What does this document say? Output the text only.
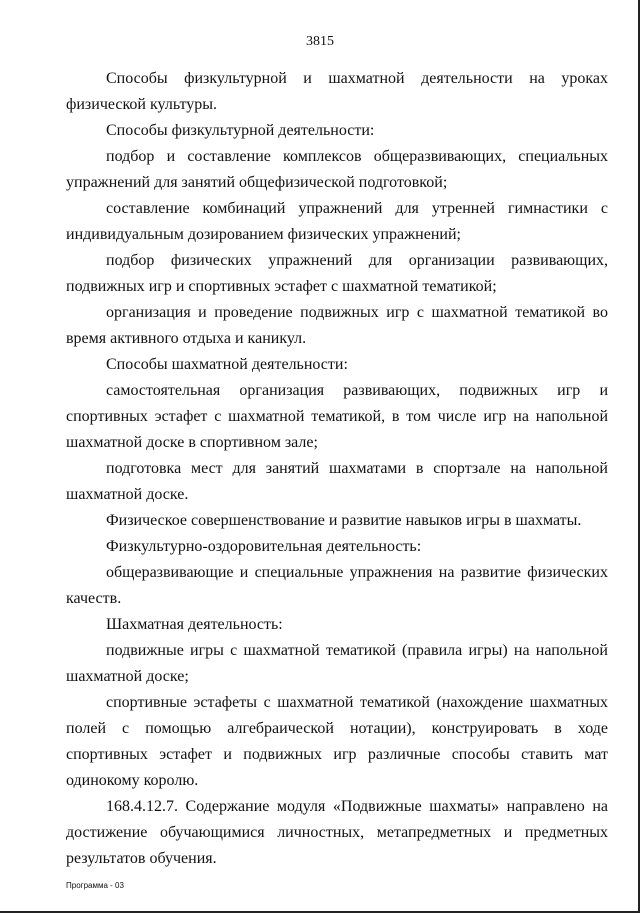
3815

Способы физкультурной и шахматной деятельности на уроках физической культуры.

Способы физкультурной деятельности:

подбор и составление комплексов общеразвивающих, специальных упражнений для занятий общефизической подготовкой;

составление комбинаций упражнений для утренней гимнастики с индивидуальным дозированием физических упражнений;

подбор физических упражнений для организации развивающих, подвижных игр и спортивных эстафет с шахматной тематикой;

организация и проведение подвижных игр с шахматной тематикой во время активного отдыха и каникул.

Способы шахматной деятельности:

самостоятельная организация развивающих, подвижных игр и спортивных эстафет с шахматной тематикой, в том числе игр на напольной шахматной доске в спортивном зале;

подготовка мест для занятий шахматами в спортзале на напольной шахматной доске.

Физическое совершенствование и развитие навыков игры в шахматы.

Физкультурно-оздоровительная деятельность:

общеразвивающие и специальные упражнения на развитие физических качеств.

Шахматная деятельность:

подвижные игры с шахматной тематикой (правила игры) на напольной шахматной доске;

спортивные эстафеты с шахматной тематикой (нахождение шахматных полей с помощью алгебраической нотации), конструировать в ходе спортивных эстафет и подвижных игр различные способы ставить мат одинокому королю.

168.4.12.7. Содержание модуля «Подвижные шахматы» направлено на достижение обучающимися личностных, метапредметных и предметных результатов обучения.

Программа - 03
